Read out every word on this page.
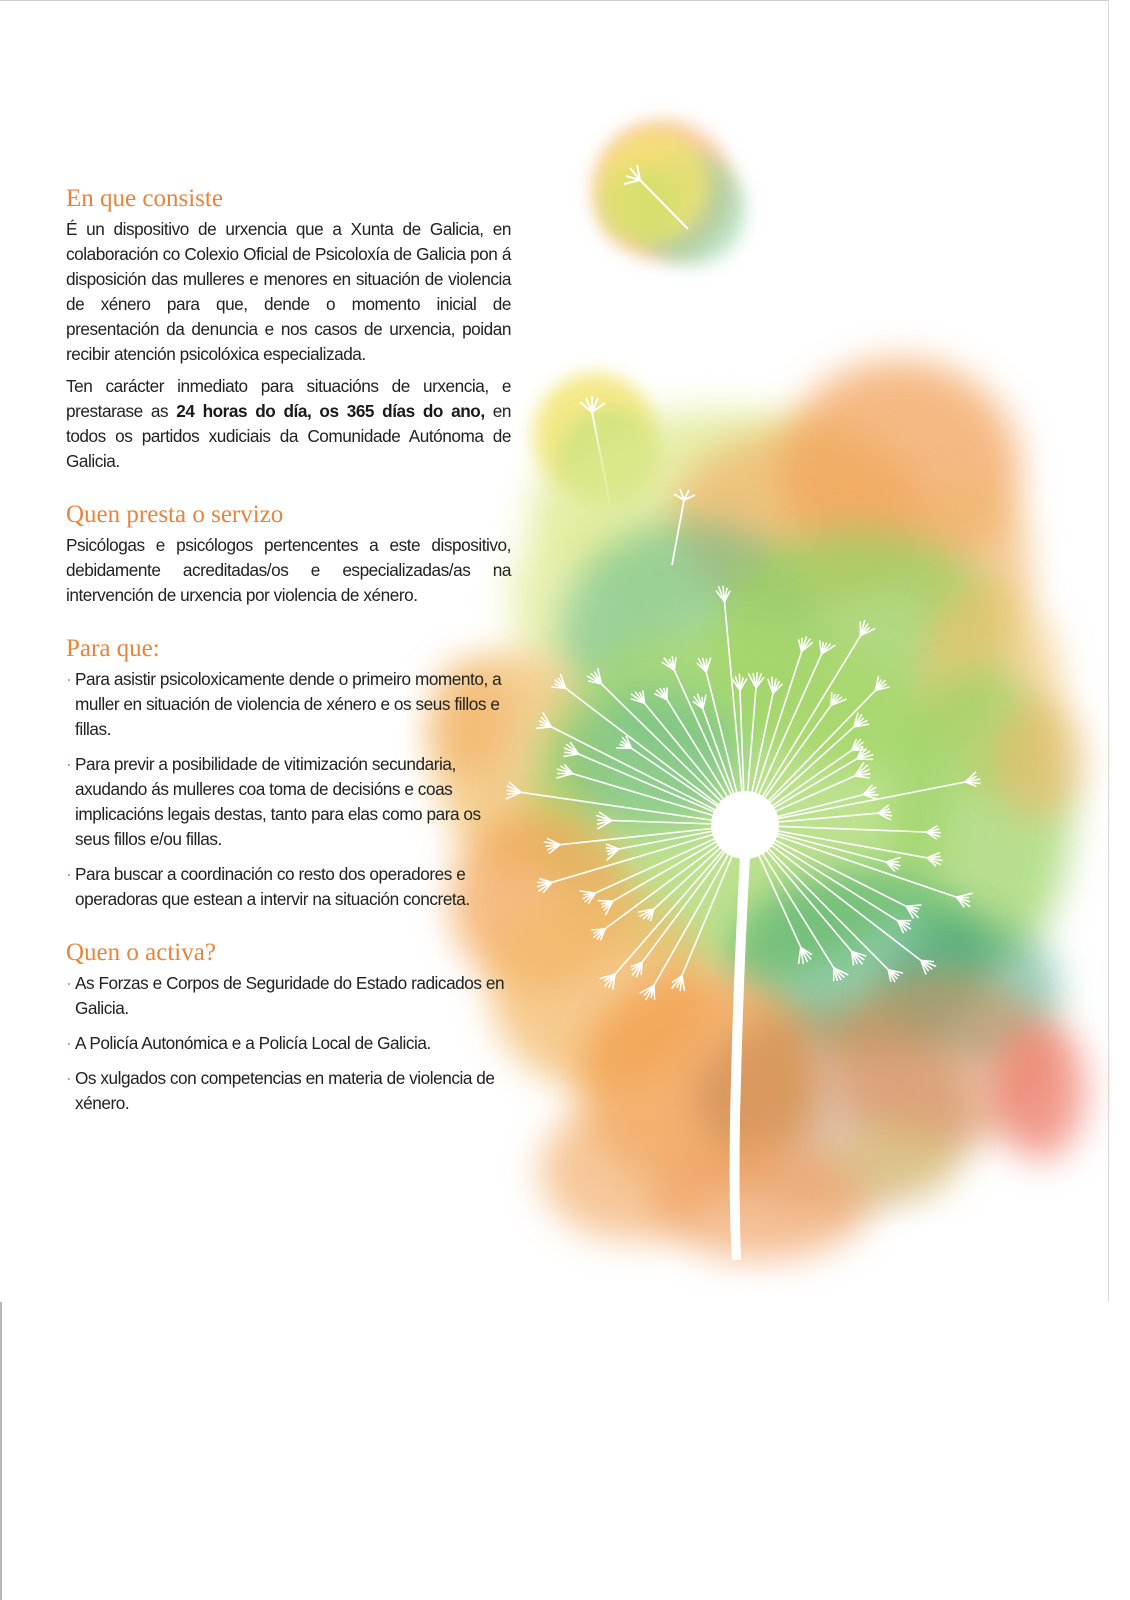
En que consiste

É un dispositivo de urxencia que a Xunta de Galicia, en colaboración co Colexio Oficial de Psicoloxía de Galicia pon á disposición das mulleres e menores en situación de violencia de xénero para que, dende o momento inicial de presentación da denuncia e nos casos de urxencia, poidan recibir atención psicolóxica especializada.

Ten carácter inmediato para situacións de urxencia, e prestarase as 24 horas do día, os 365 días do ano, en todos os partidos xudiciais da Comunidade Autónoma de Galicia.

Quen presta o servizo

Psicólogas e psicólogos pertencentes a este dispositivo, debidamente acreditadas/os e especializadas/as na intervención de urxencia por violencia de xénero.

Para que:
· Para asistir psicoloxicamente dende o primeiro momento, a muller en situación de violencia de xénero e os seus fillos e fillas.
· Para previr a posibilidade de vitimización secundaria, axudando ás mulleres coa toma de decisións e coas implicacións legais destas, tanto para elas como para os seus fillos e/ou fillas.
· Para buscar a coordinación co resto dos operadores e operadoras que estean a intervir na situación concreta.
Quen o activa?
· As Forzas e Corpos de Seguridade do Estado radicados en Galicia.
· A Policía Autonómica e a Policía Local de Galicia.
· Os xulgados con competencias en materia de violencia de xénero.
